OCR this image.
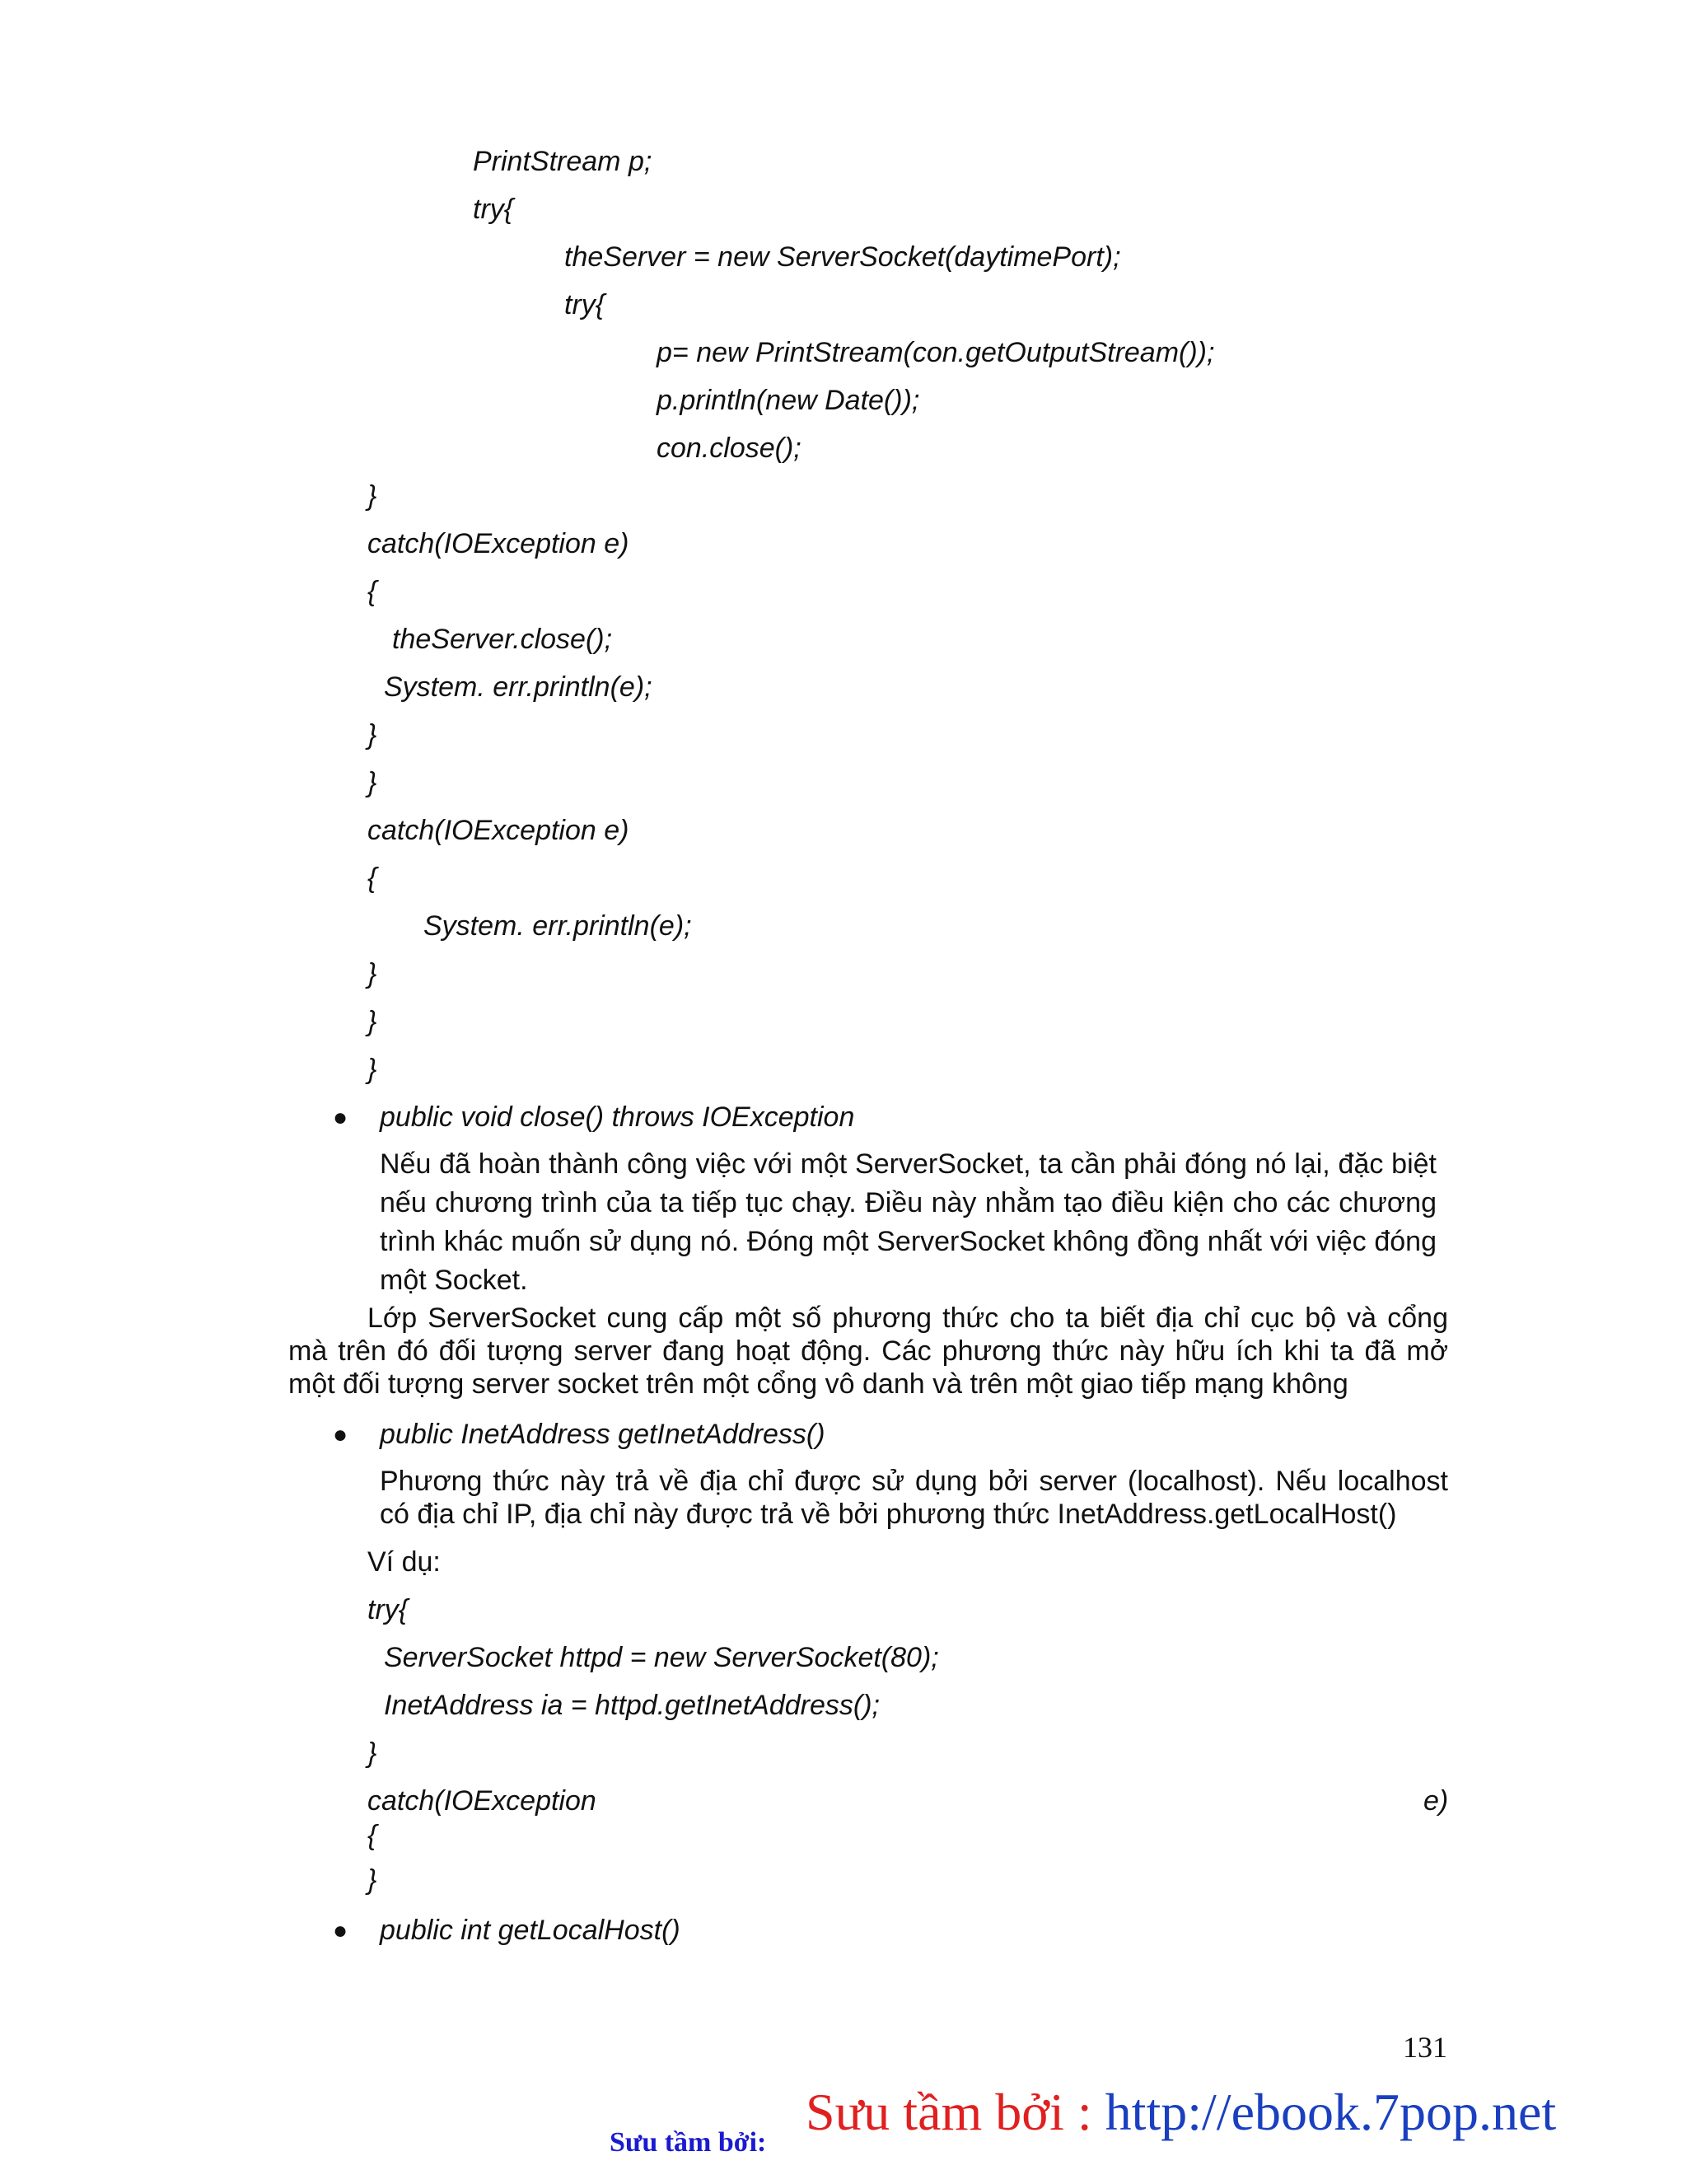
PrintStream p;
try{
theServer = new ServerSocket(daytimePort);
try{
p= new PrintStream(con.getOutputStream());
p.println(new Date());
con.close();
}
catch(IOException e)
{
theServer.close();
System. err.println(e);
}
}
catch(IOException e)
{
System. err.println(e);
}
}
}
● public void close() throws IOException
Nếu đã hoàn thành công việc với một ServerSocket, ta cần phải đóng nó lại, đặc biệt
nếu chương trình của ta tiếp tục chạy. Điều này nhằm tạo điều kiện cho các chương
trình khác muốn sử dụng nó. Đóng một ServerSocket không đồng nhất với việc đóng
một Socket.
Lớp ServerSocket cung cấp một số phương thức cho ta biết địa chỉ cục bộ và cổng
mà trên đó đối tượng server đang hoạt động. Các phương thức này hữu ích khi ta đã mở
một đối tượng server socket trên một cổng vô danh và trên một giao tiếp mạng không
● public InetAddress getInetAddress()
Phương thức này trả về địa chỉ được sử dụng bởi server (localhost). Nếu localhost
có địa chỉ IP, địa chỉ này được trả về bởi phương thức InetAddress.getLocalHost()
Ví dụ:
try{
ServerSocket httpd = new ServerSocket(80);
InetAddress ia = httpd.getInetAddress();
}
catch(IOException	e)
{
}
● public int getLocalHost()
131
Sưu tầm bởi:
Sưu tầm bởi : http://ebook.7pop.net
